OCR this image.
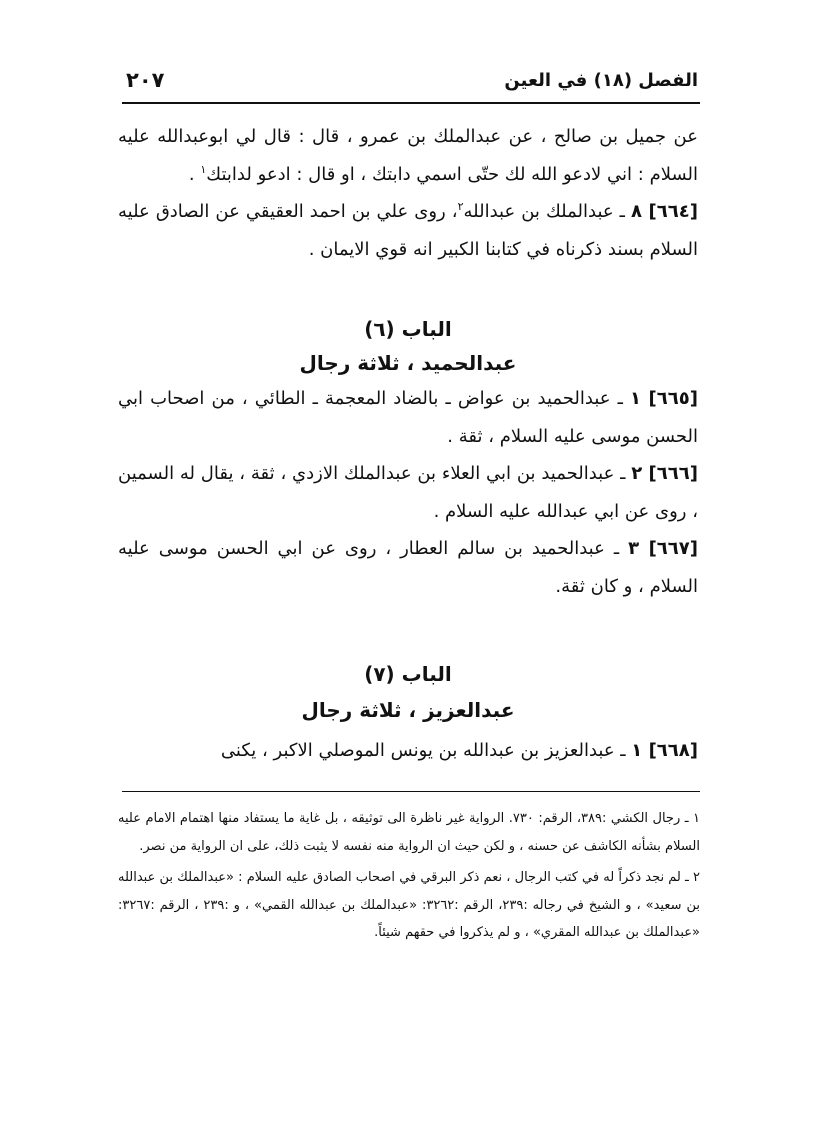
٢٠٧	الفصل (١٨) في العين

عن جميل بن صالح ، عن عبدالملك بن عمرو ، قال : قال لي ابوعبدالله عليه السلام : اني لادعو الله لك حتّى اسمي دابتك ، او قال : ادعو لدابتك$^١$ .

[٦٦٤] ٨ ـ عبدالملك بن عبدالله$^٢$، روى علي بن احمد العقيقي عن الصادق عليه السلام بسند ذكرناه في كتابنا الكبير انه قوي الايمان .

الباب (٦)
عبدالحميد ، ثلاثة رجال

[٦٦٥] ١ ـ عبدالحميد بن عواض ـ بالضاد المعجمة ـ الطائي ، من اصحاب ابي الحسن موسى عليه السلام ، ثقة .

[٦٦٦] ٢ ـ عبدالحميد بن ابي العلاء بن عبدالملك الازدي ، ثقة ، يقال له السمين ، روى عن ابي عبدالله عليه السلام .

[٦٦٧] ٣ ـ عبدالحميد بن سالم العطار ، روى عن ابي الحسن موسى عليه السلام ، و كان ثقة.

الباب (٧)
عبدالعزيز ، ثلاثة رجال

[٦٦٨] ١ ـ عبدالعزيز بن عبدالله بن يونس الموصلي الاكبر ، يكنى

١ ـ رجال الكشي :٣٨٩، الرقم: ٧٣٠. الرواية غير ناظرة الى توثيقه ، بل غاية ما يستفاد منها اهتمام الامام عليه السلام بشأنه الكاشف عن حسنه ، و لكن حيث ان الرواية منه نفسه لا يثبت ذلك، على ان الرواية من نصر.

٢ ـ لم نجد ذكراً له في كتب الرجال ، نعم ذكر البرقي في اصحاب الصادق عليه السلام : «عبدالملك بن عبدالله بن سعيد» ، و الشيخ في رجاله :٢٣٩، الرقم :٣٢٦٢: «عبدالملك بن عبدالله القمي» ، و :٢٣٩ ، الرقم :٣٢٦٧: «عبدالملك بن عبدالله المقري» ، و لم يذكروا في حقهم شيئاً.
